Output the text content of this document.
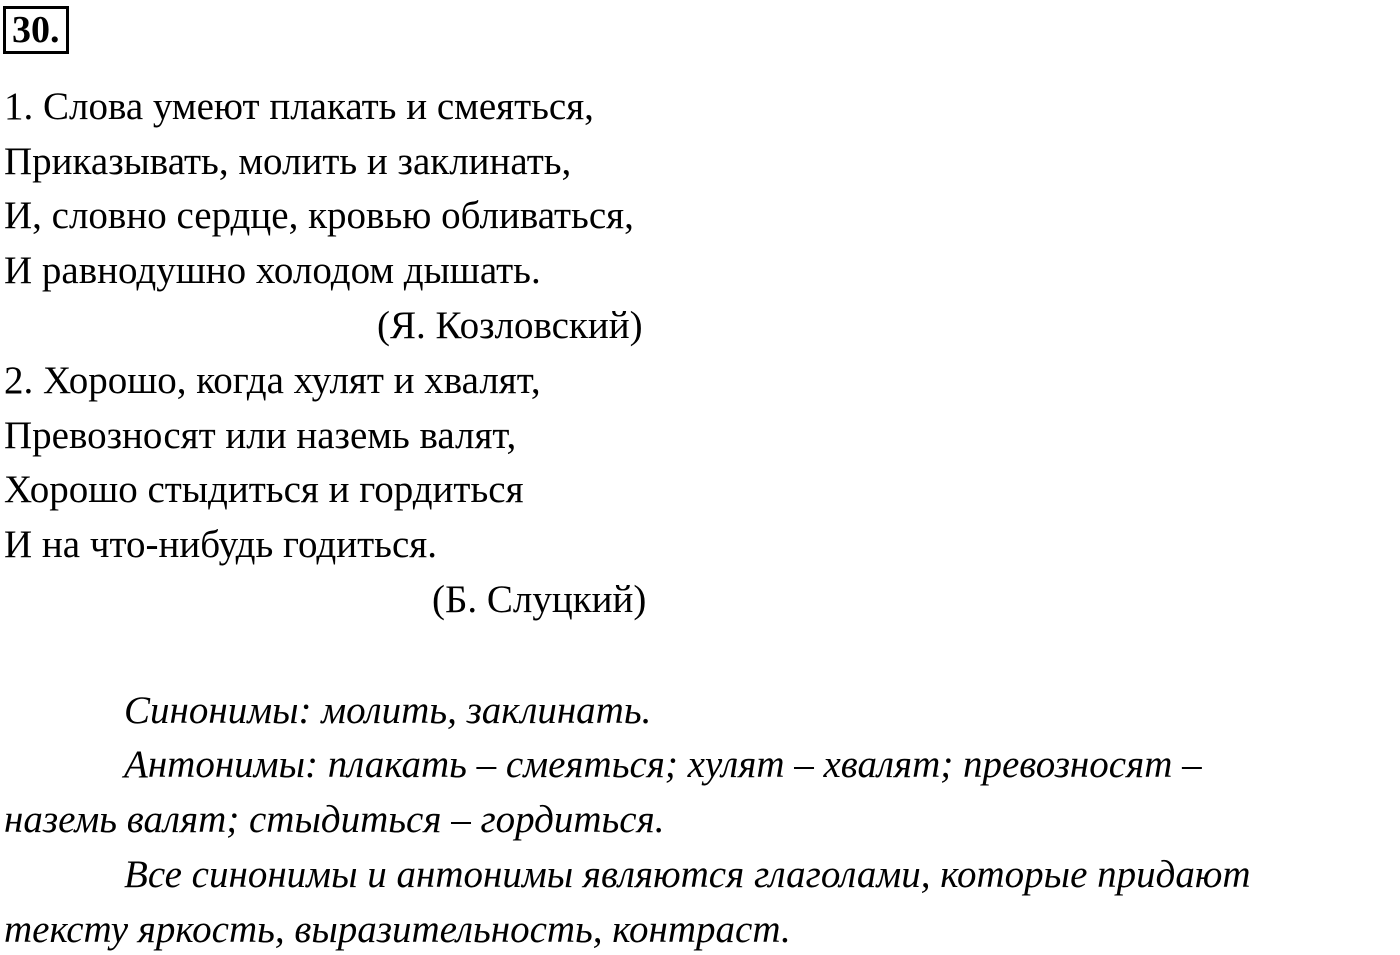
30.
1. Слова умеют плакать и смеяться,
Приказывать, молить и заклинать,
И, словно сердце, кровью обливаться,
И равнодушно холодом дышать.
(Я. Козловский)
2. Хорошо, когда хулят и хвалят,
Превозносят или наземь валят,
Хорошо стыдиться и гордиться
И на что-нибудь годиться.
(Б. Слуцкий)
Синонимы: молить, заклинать.
Антонимы: плакать – смеяться; хулят – хвалят; превозносят –
наземь валят; стыдиться – гордиться.
Все синонимы и антонимы являются глаголами, которые придают
тексту яркость, выразительность, контраст.
